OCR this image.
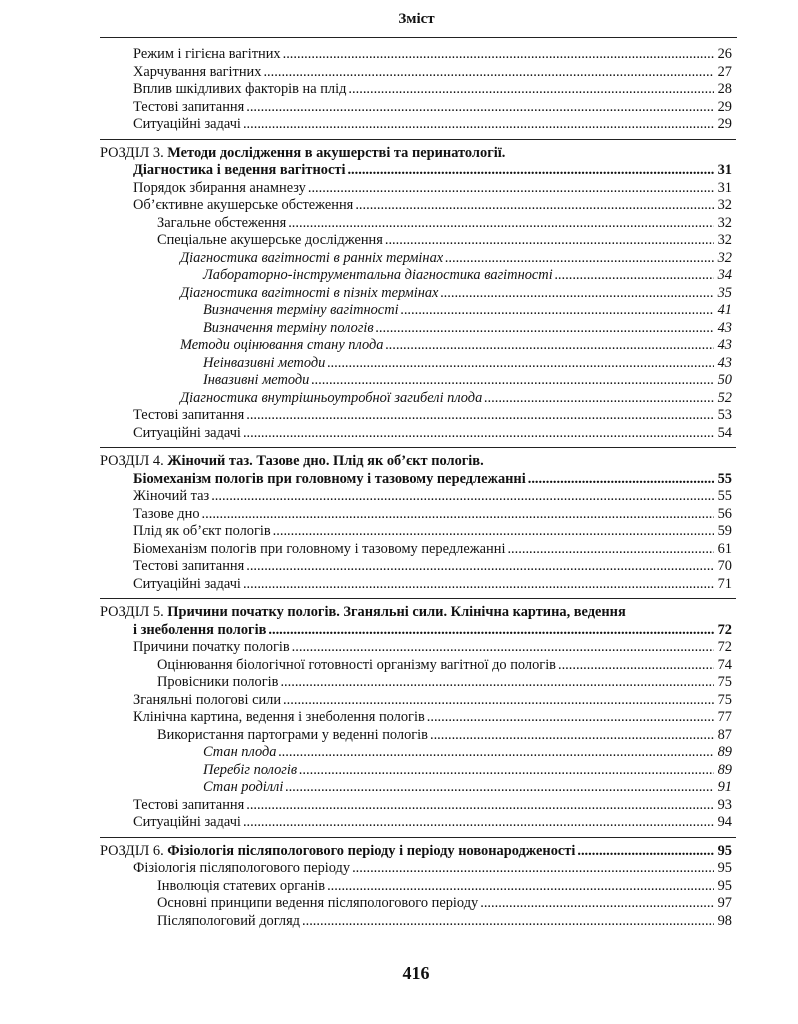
Зміст
Режим і гігієна вагітних .....	26
Харчування вагітних .....	27
Вплив шкідливих факторів на плід .....	28
Тестові запитання .....	29
Ситуаційні задачі .....	29
РОЗДІЛ 3. Методи дослідження в акушерстві та перинатології.
Діагностика і ведення вагітності .....	31
Порядок збирання анамнезу .....	31
Об’єктивне акушерське обстеження .....	32
Загальне обстеження .....	32
Спеціальне акушерське дослідження .....	32
Діагностика вагітності в ранніх термінах .....	32
Лабораторно-інструментальна діагностика вагітності .....	34
Діагностика вагітності в пізніх термінах .....	35
Визначення терміну вагітності .....	41
Визначення терміну пологів .....	43
Методи оцінювання стану плода .....	43
Неінвазивні методи .....	43
Інвазивні методи .....	50
Діагностика внутрішньоутробної загибелі плода .....	52
Тестові запитання .....	53
Ситуаційні задачі .....	54
РОЗДІЛ 4. Жіночий таз. Тазове дно. Плід як об’єкт пологів.
Біомеханізм пологів при головному і тазовому передлежанні .....	55
Жіночий таз .....	55
Тазове дно .....	56
Плід як об’єкт пологів .....	59
Біомеханізм пологів при головному і тазовому передлежанні .....	61
Тестові запитання .....	70
Ситуаційні задачі .....	71
РОЗДІЛ 5. Причини початку пологів. Зганяльні сили. Клінічна картина, ведення
і знеболення пологів .....	72
Причини початку пологів .....	72
Оцінювання біологічної готовності організму вагітної до пологів .....	74
Провісники пологів .....	75
Зганяльні пологові сили .....	75
Клінічна картина, ведення і знеболення пологів .....	77
Використання партограми у веденні пологів .....	87
Стан плода .....	89
Перебіг пологів .....	89
Стан роділлі .....	91
Тестові запитання .....	93
Ситуаційні задачі .....	94
РОЗДІЛ 6. Фізіологія післяпологового періоду і періоду новонародженості .....	95
Фізіологія післяпологового періоду .....	95
Інволюція статевих органів .....	95
Основні принципи ведення післяпологового періоду .....	97
Післяпологовий догляд .....	98
416
